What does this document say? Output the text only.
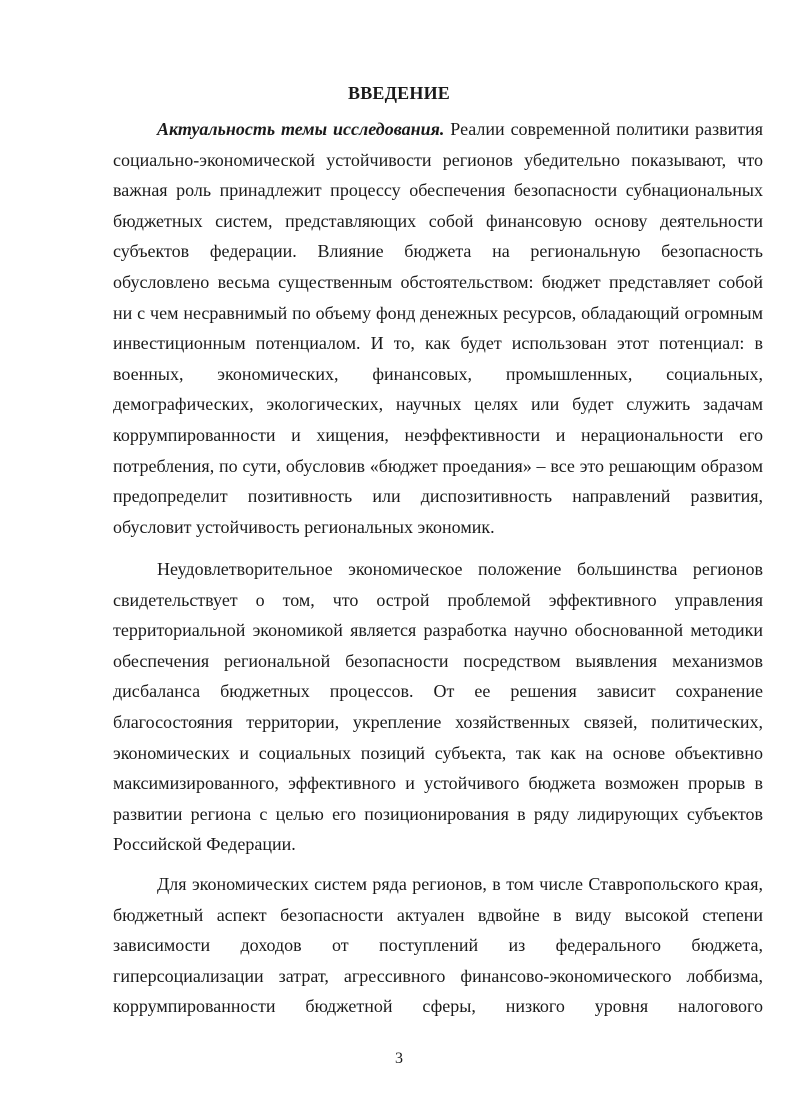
ВВЕДЕНИЕ

Актуальность темы исследования. Реалии современной политики развития социально-экономической устойчивости регионов убедительно показывают, что важная роль принадлежит процессу обеспечения безопасности субнациональных бюджетных систем, представляющих собой финансовую основу деятельности субъектов федерации. Влияние бюджета на региональную безопасность обусловлено весьма существенным обстоятельством: бюджет представляет собой ни с чем несравнимый по объему фонд денежных ресурсов, обладающий огромным инвестиционным потенциалом. И то, как будет использован этот потенциал: в военных, экономических, финансовых, промышленных, социальных, демографических, экологических, научных целях или будет служить задачам коррумпированности и хищения, неэффективности и нерациональности его потребления, по сути, обусловив «бюджет проедания» – все это решающим образом предопределит позитивность или диспозитивность направлений развития, обусловит устойчивость региональных экономик.

Неудовлетворительное экономическое положение большинства регионов свидетельствует о том, что острой проблемой эффективного управления территориальной экономикой является разработка научно обоснованной методики обеспечения региональной безопасности посредством выявления механизмов дисбаланса бюджетных процессов. От ее решения зависит сохранение благосостояния территории, укрепление хозяйственных связей, политических, экономических и социальных позиций субъекта, так как на основе объективно максимизированного, эффективного и устойчивого бюджета возможен прорыв в развитии региона с целью его позиционирования в ряду лидирующих субъектов Российской Федерации.

Для экономических систем ряда регионов, в том числе Ставропольского края, бюджетный аспект безопасности актуален вдвойне в виду высокой степени зависимости доходов от поступлений из федерального бюджета, гиперсоциализации затрат, агрессивного финансово-экономического лоббизма, коррумпированности бюджетной сферы, низкого уровня налогового

3
